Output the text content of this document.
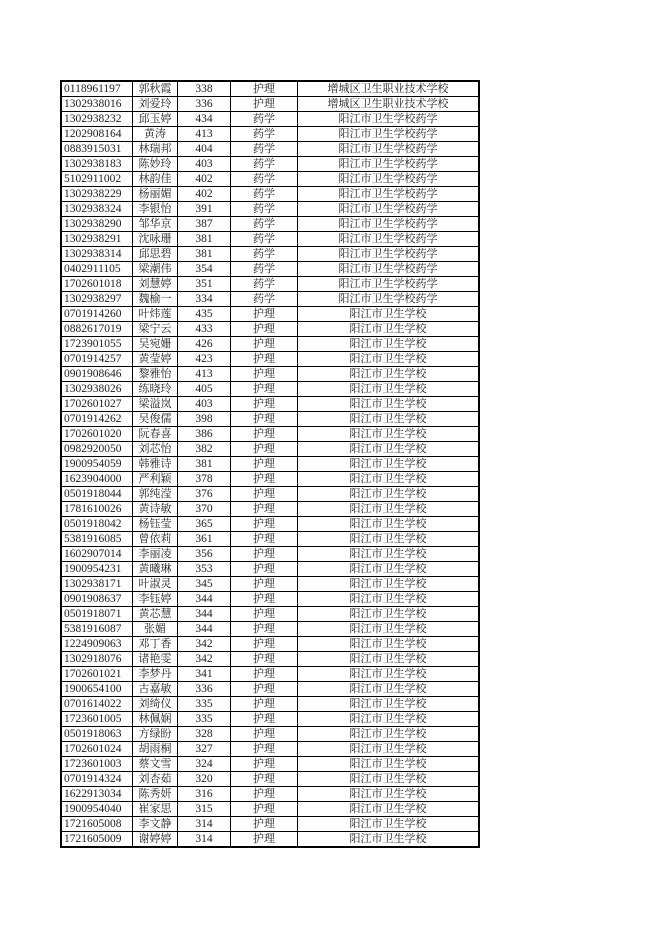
0118961197	郭秋霞	338	护理	增城区卫生职业技术学校
1302938016	刘爱玲	336	护理	增城区卫生职业技术学校
1302938232	邱玉婷	434	药学	阳江市卫生学校药学
1202908164	黄涛	413	药学	阳江市卫生学校药学
0883915031	林瑞邦	404	药学	阳江市卫生学校药学
1302938183	陈妙玲	403	药学	阳江市卫生学校药学
5102911002	林韵佳	402	药学	阳江市卫生学校药学
1302938229	杨丽媚	402	药学	阳江市卫生学校药学
1302938324	李银怡	391	药学	阳江市卫生学校药学
1302938290	邹华京	387	药学	阳江市卫生学校药学
1302938291	沈咏珊	381	药学	阳江市卫生学校药学
1302938314	邱思碧	381	药学	阳江市卫生学校药学
0402911105	梁潮伟	354	药学	阳江市卫生学校药学
1702601018	刘慧婷	351	药学	阳江市卫生学校药学
1302938297	魏榆一	334	药学	阳江市卫生学校药学
0701914260	叶炜莲	435	护理	阳江市卫生学校
0882617019	梁宁云	433	护理	阳江市卫生学校
1723901055	吴宛姗	426	护理	阳江市卫生学校
0701914257	黄莹婷	423	护理	阳江市卫生学校
0901908646	黎雅怡	413	护理	阳江市卫生学校
1302938026	练晓玲	405	护理	阳江市卫生学校
1702601027	梁溢岚	403	护理	阳江市卫生学校
0701914262	吴俊儒	398	护理	阳江市卫生学校
1702601020	阮春喜	386	护理	阳江市卫生学校
0982920050	刘芯怡	382	护理	阳江市卫生学校
1900954059	韩雅诗	381	护理	阳江市卫生学校
1623904000	严利颖	378	护理	阳江市卫生学校
0501918044	郭纯滢	376	护理	阳江市卫生学校
1781610026	黄诗敏	370	护理	阳江市卫生学校
0501918042	杨钰莹	365	护理	阳江市卫生学校
5381916085	曾依莉	361	护理	阳江市卫生学校
1602907014	李丽凌	356	护理	阳江市卫生学校
1900954231	黄曦琳	353	护理	阳江市卫生学校
1302938171	叶淑灵	345	护理	阳江市卫生学校
0901908637	李钰婷	344	护理	阳江市卫生学校
0501918071	黄芯慧	344	护理	阳江市卫生学校
5381916087	张媚	344	护理	阳江市卫生学校
1224909063	邓丁香	342	护理	阳江市卫生学校
1302918076	诸艳雯	342	护理	阳江市卫生学校
1702601021	李梦丹	341	护理	阳江市卫生学校
1900654100	古嘉敏	336	护理	阳江市卫生学校
0701614022	刘绮仪	335	护理	阳江市卫生学校
1723601005	林佩娴	335	护理	阳江市卫生学校
0501918063	方绿盼	328	护理	阳江市卫生学校
1702601024	胡雨桐	327	护理	阳江市卫生学校
1723601003	蔡文雪	324	护理	阳江市卫生学校
0701914324	刘杏茹	320	护理	阳江市卫生学校
1622913034	陈秀妍	316	护理	阳江市卫生学校
1900954040	崔家思	315	护理	阳江市卫生学校
1721605008	李文静	314	护理	阳江市卫生学校
1721605009	谢婷婷	314	护理	阳江市卫生学校
